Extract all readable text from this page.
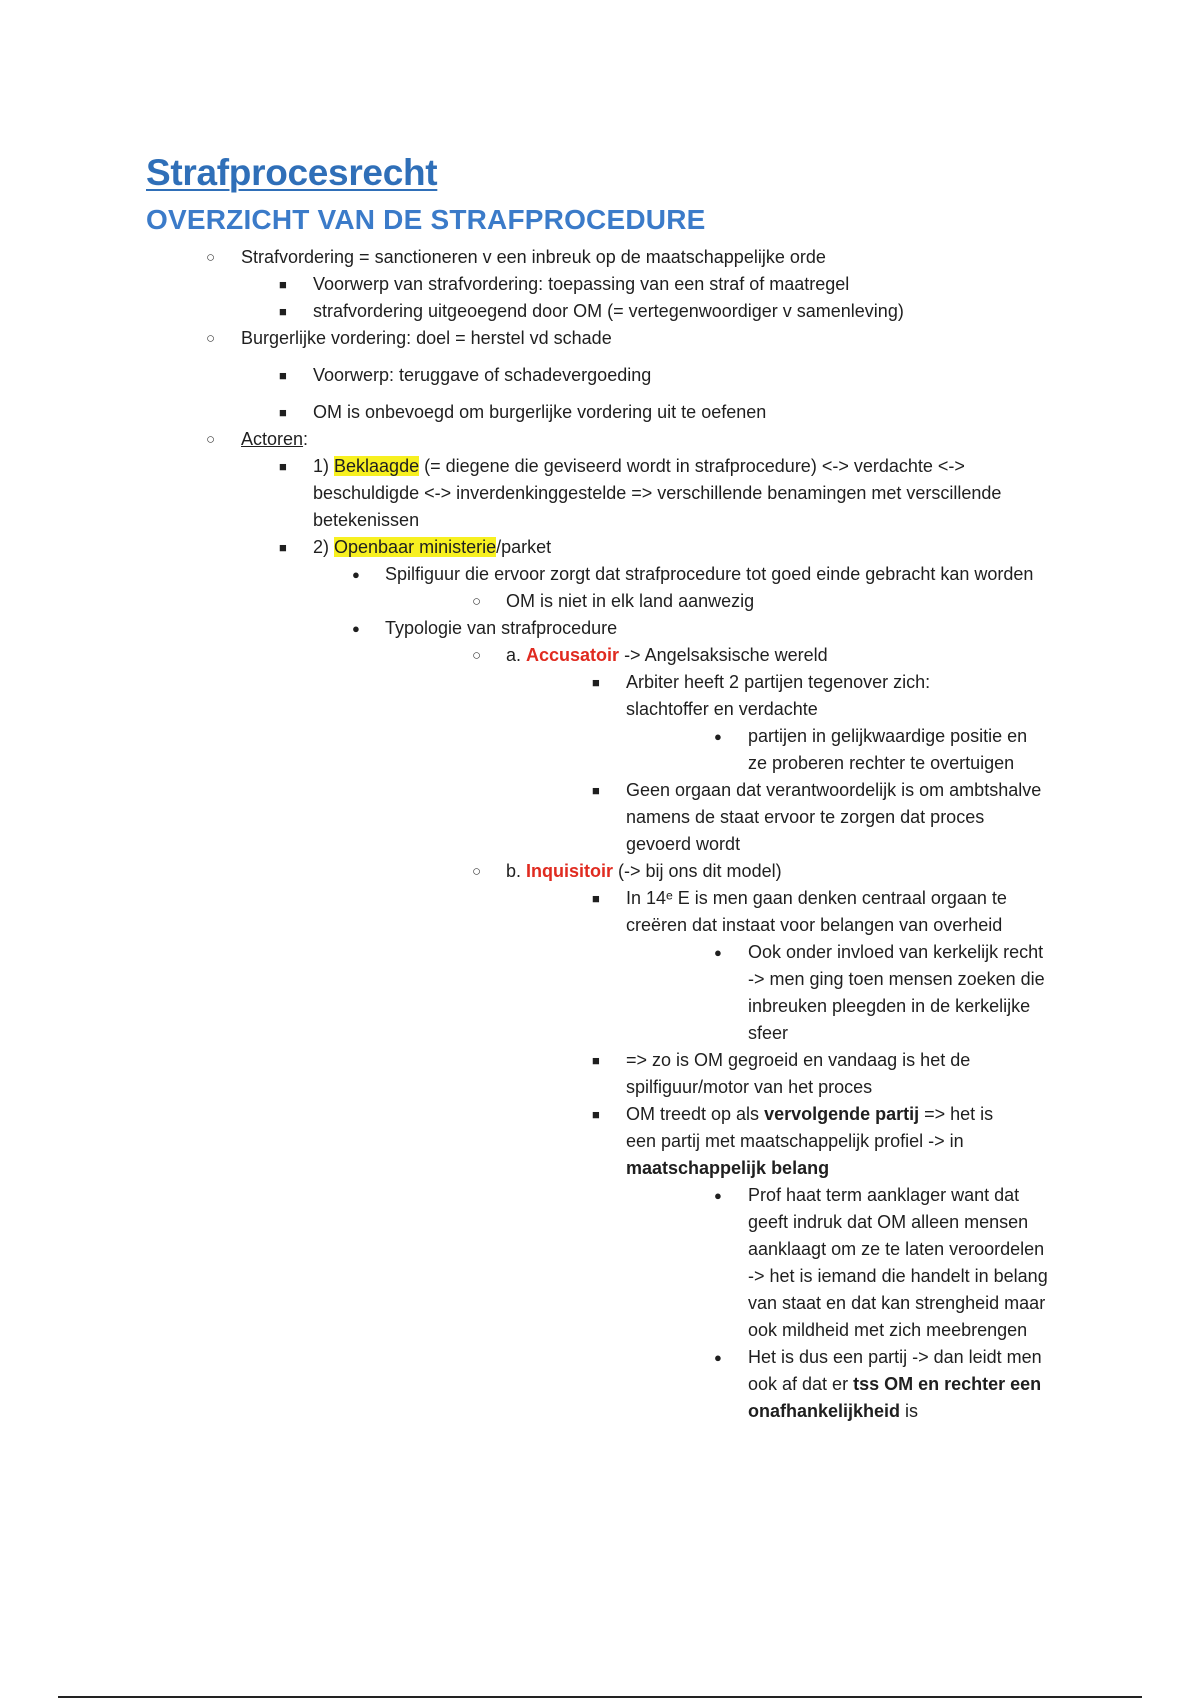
Strafprocesrecht
OVERZICHT VAN DE STRAFPROCEDURE
○
Strafvordering = sanctioneren v een inbreuk op de maatschappelijke orde
■
Voorwerp van strafvordering: toepassing van een straf of maatregel
■
strafvordering uitgeoegend door OM (= vertegenwoordiger v samenleving)
○
Burgerlijke vordering: doel = herstel vd schade
■
Voorwerp: teruggave of schadevergoeding
■
OM is onbevoegd om burgerlijke vordering uit te oefenen
○
Actoren:
■
1) Beklaagde (= diegene die geviseerd wordt in strafprocedure) <-> verdachte <-> beschuldigde <-> inverdenkinggestelde => verschillende benamingen met verscillende betekenissen
■
2) Openbaar ministerie/parket
●
Spilfiguur die ervoor zorgt dat strafprocedure tot goed einde gebracht kan worden
○
OM is niet in elk land aanwezig
●
Typologie van strafprocedure
○
a. Accusatoir -> Angelsaksische wereld
■
Arbiter heeft 2 partijen tegenover zich: slachtoffer en verdachte
●
partijen in gelijkwaardige positie en ze proberen rechter te overtuigen
■
Geen orgaan dat verantwoordelijk is om ambtshalve namens de staat ervoor te zorgen dat proces gevoerd wordt
○
b. Inquisitoir (-> bij ons dit model)
■
In 14ᵉ E is men gaan denken centraal orgaan te creëren dat instaat voor belangen van overheid
●
Ook onder invloed van kerkelijk recht -> men ging toen mensen zoeken die inbreuken pleegden in de kerkelijke sfeer
■
=> zo is OM gegroeid en vandaag is het de spilfiguur/motor van het proces
■
OM treedt op als vervolgende partij => het is een partij met maatschappelijk profiel -> in maatschappelijk belang
●
Prof haat term aanklager want dat geeft indruk dat OM alleen mensen aanklaagt om ze te laten veroordelen -> het is iemand die handelt in belang van staat en dat kan strengheid maar ook mildheid met zich meebrengen
●
Het is dus een partij -> dan leidt men ook af dat er tss OM en rechter een onafhankelijkheid is
